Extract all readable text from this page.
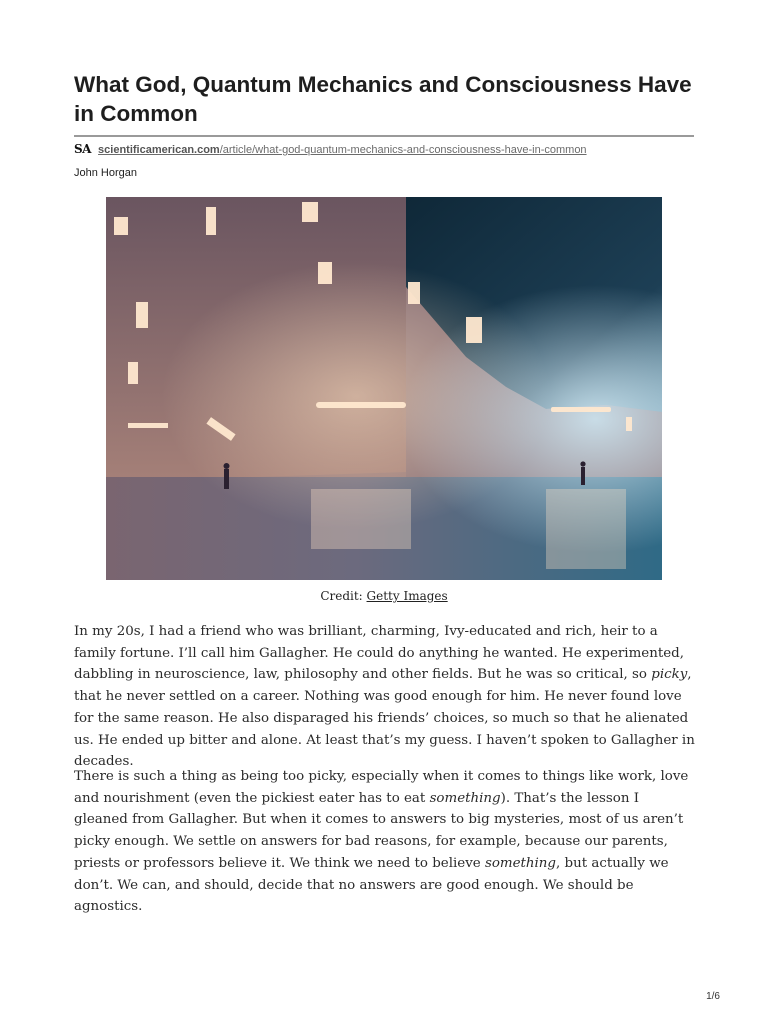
What God, Quantum Mechanics and Consciousness Have in Common
SA scientificamerican.com/article/what-god-quantum-mechanics-and-consciousness-have-in-common
John Horgan
Credit: Getty Images

In my 20s, I had a friend who was brilliant, charming, Ivy-educated and rich, heir to a family fortune. I’ll call him Gallagher. He could do anything he wanted. He experimented, dabbling in neuroscience, law, philosophy and other fields. But he was so critical, so picky, that he never settled on a career. Nothing was good enough for him. He never found love for the same reason. He also disparaged his friends’ choices, so much so that he alienated us. He ended up bitter and alone. At least that’s my guess. I haven’t spoken to Gallagher in decades.

There is such a thing as being too picky, especially when it comes to things like work, love and nourishment (even the pickiest eater has to eat something). That’s the lesson I gleaned from Gallagher. But when it comes to answers to big mysteries, most of us aren’t picky enough. We settle on answers for bad reasons, for example, because our parents, priests or professors believe it. We think we need to believe something, but actually we don’t. We can, and should, decide that no answers are good enough. We should be agnostics.

1/6
